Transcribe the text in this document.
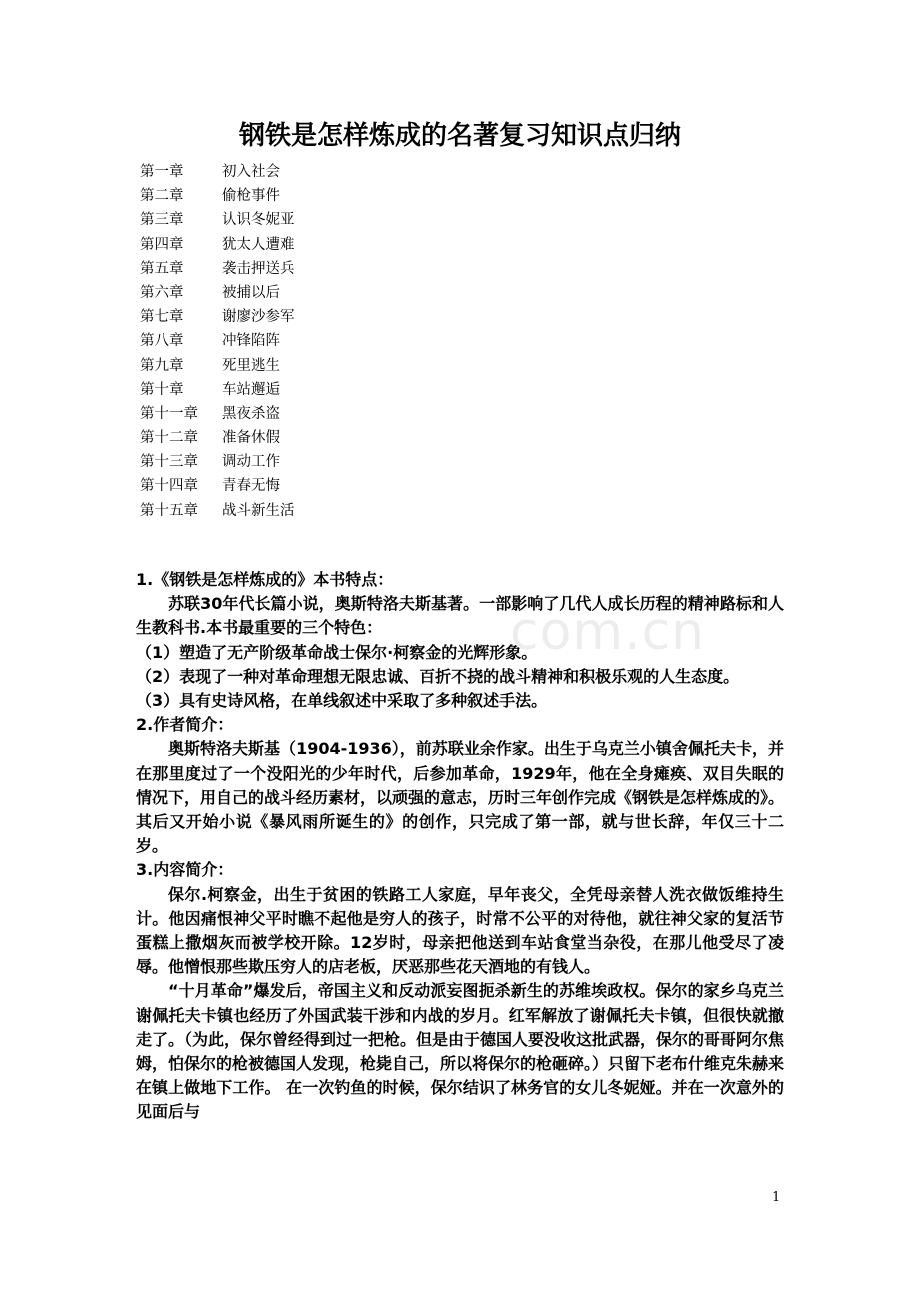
钢铁是怎样炼成的名著复习知识点归纳
第一章	初入社会
第二章	偷枪事件
第三章	认识冬妮亚
第四章	犹太人遭难
第五章	袭击押送兵
第六章	被捕以后
第七章	谢廖沙参军
第八章	冲锋陷阵
第九章	死里逃生
第十章	车站邂逅
第十一章 黑夜杀盗
第十二章 准备休假
第十三章 调动工作
第十四章 青春无悔
第十五章 战斗新生活
com.cn

1.《钢铁是怎样炼成的》本书特点：

苏联30年代长篇小说，奥斯特洛夫斯基著。一部影响了几代人成长历程的精神路标和人生教科书.本书最重要的三个特色：

（1）塑造了无产阶级革命战士保尔·柯察金的光辉形象。

（2）表现了一种对革命理想无限忠诚、百折不挠的战斗精神和积极乐观的人生态度。

（3）具有史诗风格，在单线叙述中采取了多种叙述手法。

2.作者简介：

奥斯特洛夫斯基（1904-1936），前苏联业余作家。出生于乌克兰小镇舍佩托夫卡，并在那里度过了一个没阳光的少年时代，后参加革命，1929年，他在全身瘫痪、双目失眠的情况下，用自己的战斗经历素材，以顽强的意志，历时三年创作完成《钢铁是怎样炼成的》。其后又开始小说《暴风雨所诞生的》的创作，只完成了第一部，就与世长辞，年仅三十二岁。

3.内容简介：

保尔.柯察金，出生于贫困的铁路工人家庭，早年丧父，全凭母亲替人洗衣做饭维持生计。他因痛恨神父平时瞧不起他是穷人的孩子，时常不公平的对待他，就往神父家的复活节蛋糕上撒烟灰而被学校开除。12岁时，母亲把他送到车站食堂当杂役，在那儿他受尽了凌辱。他憎恨那些欺压穷人的店老板，厌恶那些花天酒地的有钱人。

“十月革命”爆发后，帝国主义和反动派妄图扼杀新生的苏维埃政权。保尔的家乡乌克兰谢佩托夫卡镇也经历了外国武装干涉和内战的岁月。红军解放了谢佩托夫卡镇，但很快就撤走了。（为此，保尔曾经得到过一把枪。但是由于德国人要没收这批武器，保尔的哥哥阿尔焦姆，怕保尔的枪被德国人发现，枪毙自己，所以将保尔的枪砸碎。）只留下老布什维克朱赫来在镇上做地下工作。 在一次钓鱼的时候，保尔结识了林务官的女儿冬妮娅。并在一次意外的见面后与

1
